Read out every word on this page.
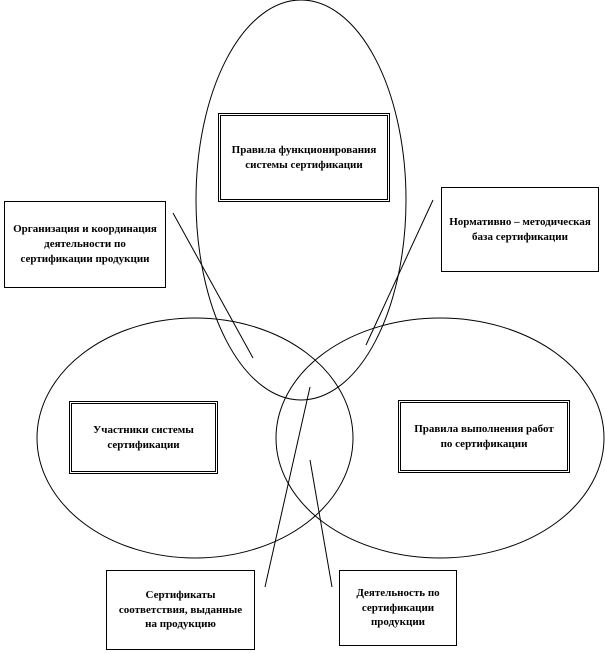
Правила функционирования системы сертификации
Участники системы сертификации
Правила выполнения работ по сертификации
Организация и координация деятельности по сертификации продукции
Нормативно – методическая база сертификации
Сертификаты соответствия, выданные на продукцию
Деятельность по сертификации продукции
